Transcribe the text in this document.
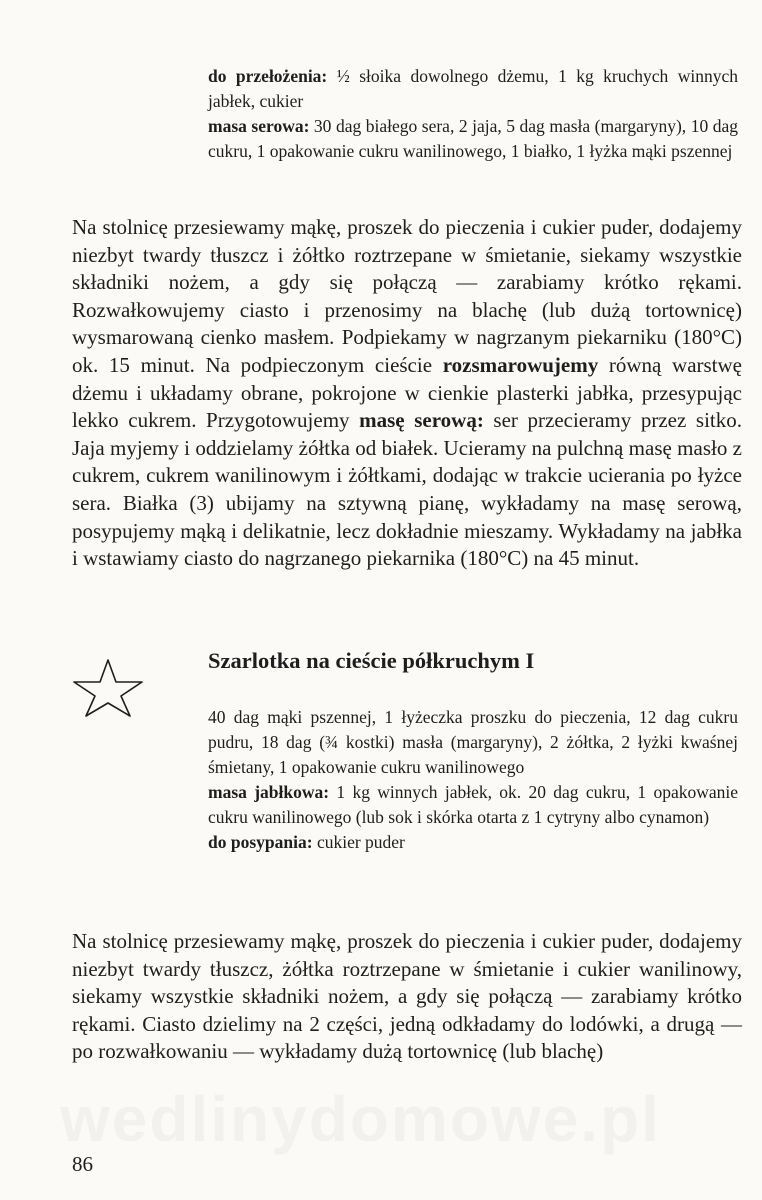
do przełożenia: ½ słoika dowolnego dżemu, 1 kg kruchych winnych jabłek, cukier
masa serowa: 30 dag białego sera, 2 jaja, 5 dag masła (margaryny), 10 dag cukru, 1 opakowanie cukru wanilinowego, 1 białko, 1 łyżka mąki pszennej

Na stolnicę przesiewamy mąkę, proszek do pieczenia i cukier puder, dodajemy niezbyt twardy tłuszcz i żółtko roztrzepane w śmietanie, siekamy wszystkie składniki nożem, a gdy się połączą — zarabiamy krótko rękami. Rozwałkowujemy ciasto i przenosimy na blachę (lub dużą tortownicę) wysmarowaną cienko masłem. Podpiekamy w nagrzanym piekarniku (180°C) ok. 15 minut. Na podpieczonym cieście rozsmarowujemy równą warstwę dżemu i układamy obrane, pokrojone w cienkie plasterki jabłka, przesypując lekko cukrem. Przygotowujemy masę serową: ser przecieramy przez sitko. Jaja myjemy i oddzielamy żółtka od białek. Ucieramy na pulchną masę masło z cukrem, cukrem wanilinowym i żółtkami, dodając w trakcie ucierania po łyżce sera. Białka (3) ubijamy na sztywną pianę, wykładamy na masę serową, posypujemy mąką i delikatnie, lecz dokładnie mieszamy. Wykładamy na jabłka i wstawiamy ciasto do nagrzanego piekarnika (180°C) na 45 minut.

Szarlotka na cieście półkruchym I
40 dag mąki pszennej, 1 łyżeczka proszku do pieczenia, 12 dag cukru pudru, 18 dag (¾ kostki) masła (margaryny), 2 żółtka, 2 łyżki kwaśnej śmietany, 1 opakowanie cukru wanilinowego
masa jabłkowa: 1 kg winnych jabłek, ok. 20 dag cukru, 1 opakowanie cukru wanilinowego (lub sok i skórka otarta z 1 cytryny albo cynamon)
do posypania: cukier puder

Na stolnicę przesiewamy mąkę, proszek do pieczenia i cukier puder, dodajemy niezbyt twardy tłuszcz, żółtka roztrzepane w śmietanie i cukier wanilinowy, siekamy wszystkie składniki nożem, a gdy się połączą — zarabiamy krótko rękami. Ciasto dzielimy na 2 części, jedną odkładamy do lodówki, a drugą — po rozwałkowaniu — wykładamy dużą tortownicę (lub blachę)

wedlinydomowe.pl
86
